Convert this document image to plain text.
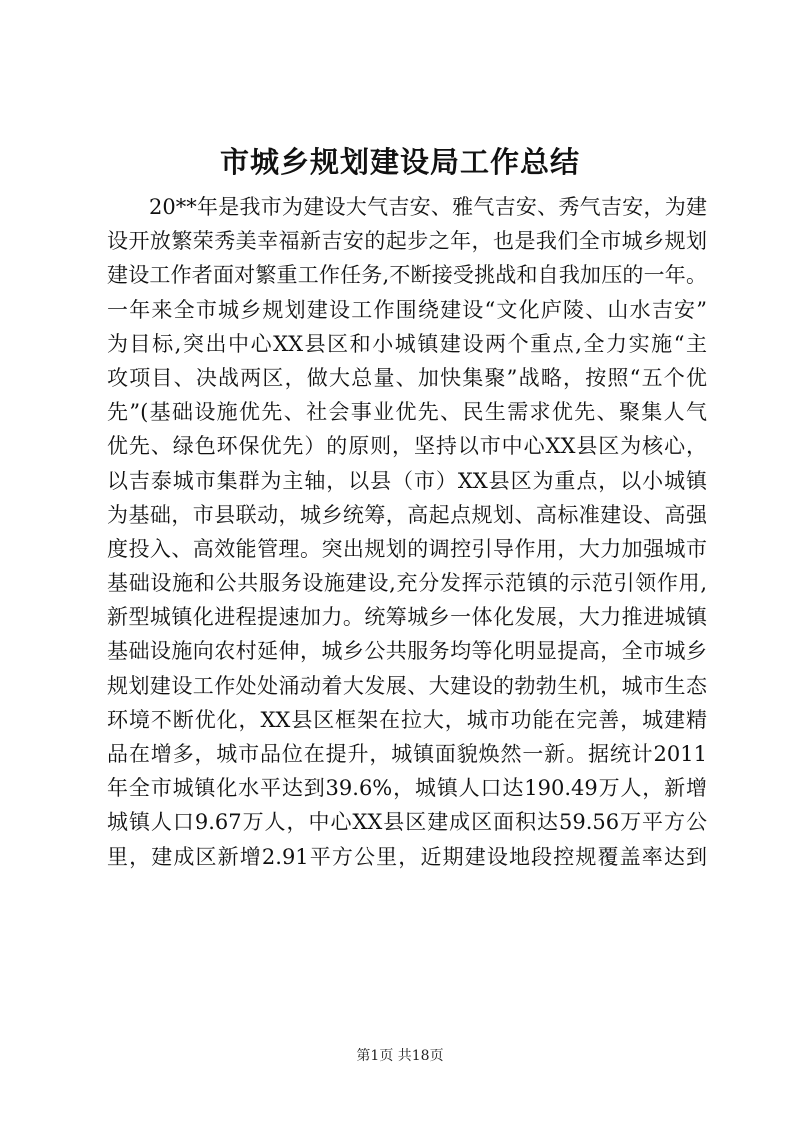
市城乡规划建设局工作总结
20**年是我市为建设大气吉安、雅气吉安、秀气吉安，为建
设开放繁荣秀美幸福新吉安的起步之年，也是我们全市城乡规划
建设工作者面对繁重工作任务,不断接受挑战和自我加压的一年。
一年来全市城乡规划建设工作围绕建设“文化庐陵、山水吉安”
为目标,突出中心XX县区和小城镇建设两个重点,全力实施“主
攻项目、决战两区，做大总量、加快集聚”战略，按照“五个优
先”(基础设施优先、社会事业优先、民生需求优先、聚集人气
优先、绿色环保优先）的原则，坚持以市中心XX县区为核心，
以吉泰城市集群为主轴，以县（市）XX县区为重点，以小城镇
为基础，市县联动，城乡统筹，高起点规划、高标准建设、高强
度投入、高效能管理。突出规划的调控引导作用，大力加强城市
基础设施和公共服务设施建设,充分发挥示范镇的示范引领作用,
新型城镇化进程提速加力。统筹城乡一体化发展，大力推进城镇
基础设施向农村延伸，城乡公共服务均等化明显提高，全市城乡
规划建设工作处处涌动着大发展、大建设的勃勃生机，城市生态
环境不断优化，XX县区框架在拉大，城市功能在完善，城建精
品在增多，城市品位在提升，城镇面貌焕然一新。据统计2011
年全市城镇化水平达到39.6%，城镇人口达190.49万人，新增
城镇人口9.67万人，中心XX县区建成区面积达59.56万平方公
里，建成区新增2.91平方公里，近期建设地段控规覆盖率达到
第1页 共18页
